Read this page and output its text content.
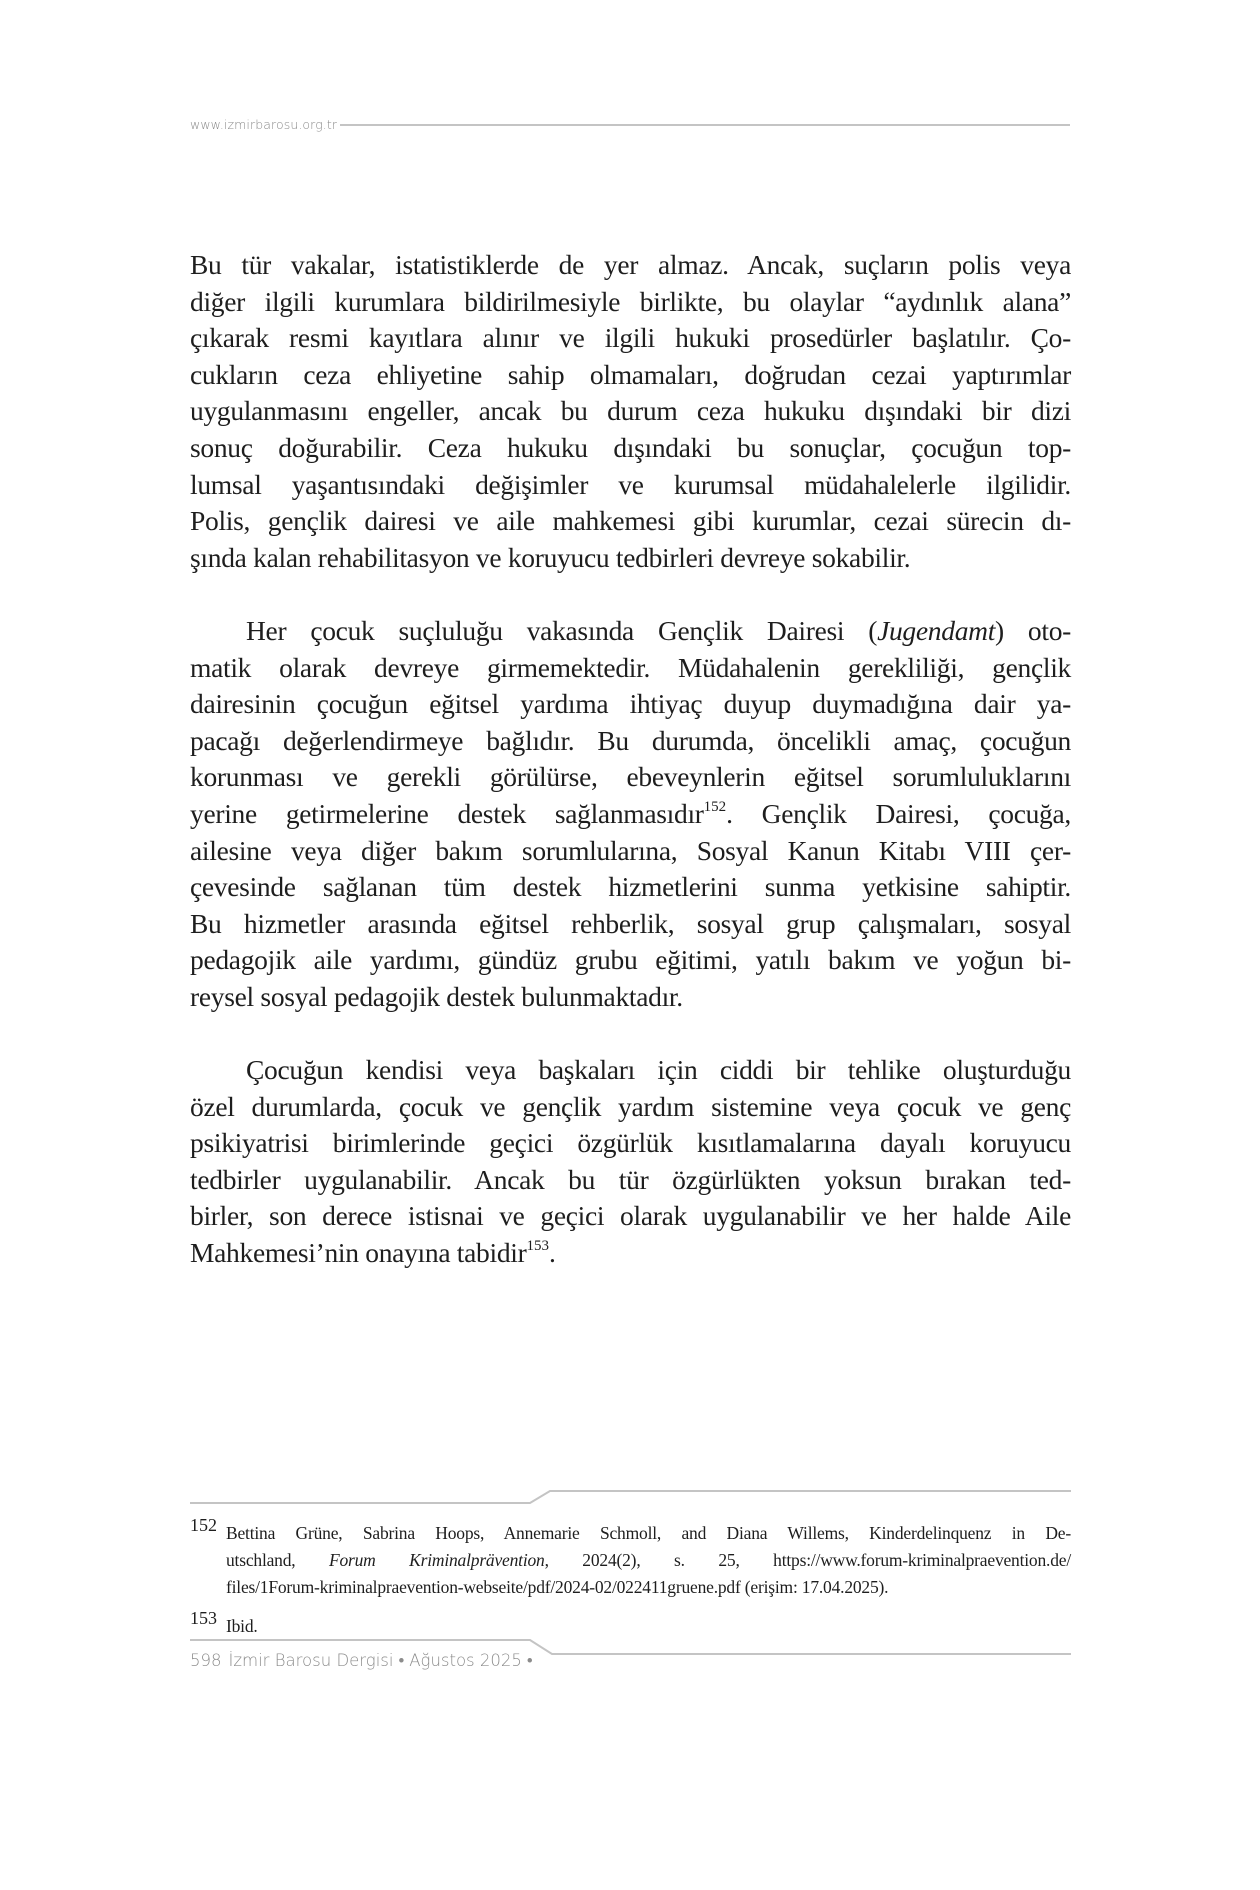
www.izmirbarosu.org.tr
Bu tür vakalar, istatistiklerde de yer almaz. Ancak, suçların polis veya
diğer ilgili kurumlara bildirilmesiyle birlikte, bu olaylar “aydınlık alana”
çıkarak resmi kayıtlara alınır ve ilgili hukuki prosedürler başlatılır. Ço-
cukların ceza ehliyetine sahip olmamaları, doğrudan cezai yaptırımlar
uygulanmasını engeller, ancak bu durum ceza hukuku dışındaki bir dizi
sonuç doğurabilir. Ceza hukuku dışındaki bu sonuçlar, çocuğun top-
lumsal yaşantısındaki değişimler ve kurumsal müdahalelerle ilgilidir.
Polis, gençlik dairesi ve aile mahkemesi gibi kurumlar, cezai sürecin dı-
şında kalan rehabilitasyon ve koruyucu tedbirleri devreye sokabilir.
Her çocuk suçluluğu vakasında Gençlik Dairesi (Jugendamt) oto-
matik olarak devreye girmemektedir. Müdahalenin gerekliliği, gençlik
dairesinin çocuğun eğitsel yardıma ihtiyaç duyup duymadığına dair ya-
pacağı değerlendirmeye bağlıdır. Bu durumda, öncelikli amaç, çocuğun
korunması ve gerekli görülürse, ebeveynlerin eğitsel sorumluluklarını
yerine getirmelerine destek sağlanmasıdır$^{152}$. Gençlik Dairesi, çocuğa,
ailesine veya diğer bakım sorumlularına, Sosyal Kanun Kitabı VIII çer-
çevesinde sağlanan tüm destek hizmetlerini sunma yetkisine sahiptir.
Bu hizmetler arasında eğitsel rehberlik, sosyal grup çalışmaları, sosyal
pedagojik aile yardımı, gündüz grubu eğitimi, yatılı bakım ve yoğun bi-
reysel sosyal pedagojik destek bulunmaktadır.
Çocuğun kendisi veya başkaları için ciddi bir tehlike oluşturduğu
özel durumlarda, çocuk ve gençlik yardım sistemine veya çocuk ve genç
psikiyatrisi birimlerinde geçici özgürlük kısıtlamalarına dayalı koruyucu
tedbirler uygulanabilir. Ancak bu tür özgürlükten yoksun bırakan ted-
birler, son derece istisnai ve geçici olarak uygulanabilir ve her halde Aile
Mahkemesi’nin onayına tabidir$^{153}$.
152 Bettina Grüne, Sabrina Hoops, Annemarie Schmoll, and Diana Willems, Kinderdelinquenz in De-
utschland, Forum Kriminalprävention, 2024(2), s. 25, https://www.forum-kriminalpraevention.de/
files/1Forum-kriminalpraevention-webseite/pdf/2024-02/022411gruene.pdf (erişim: 17.04.2025).
153 Ibid.
598 İzmir Barosu Dergisi • Ağustos 2025 •
